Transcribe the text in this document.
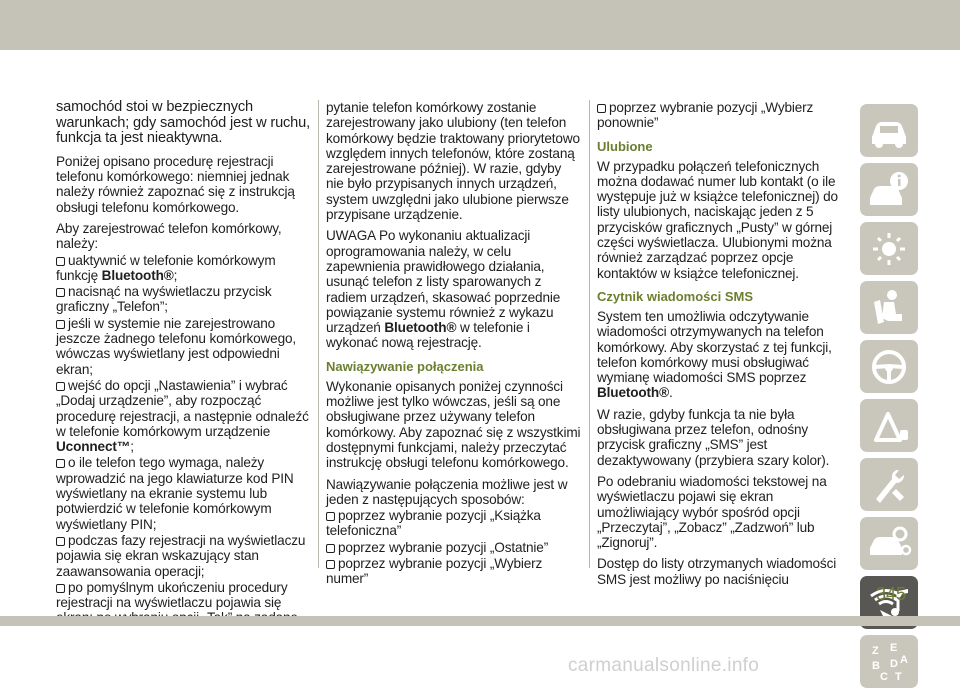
samochód stoi w bezpiecznych warunkach; gdy samochód jest w ruchu, funkcja ta jest nieaktywna.

Poniżej opisano procedurę rejestracji telefonu komórkowego: niemniej jednak należy również zapoznać się z instrukcją obsługi telefonu komórkowego.

Aby zarejestrować telefon komórkowy, należy:

uaktywnić w telefonie komórkowym funkcję Bluetooth®;

nacisnąć na wyświetlaczu przycisk graficzny „Telefon”;

jeśli w systemie nie zarejestrowano jeszcze żadnego telefonu komórkowego, wówczas wyświetlany jest odpowiedni ekran;

wejść do opcji „Nastawienia” i wybrać „Dodaj urządzenie”, aby rozpocząć procedurę rejestracji, a następnie odnaleźć w telefonie komórkowym urządzenie Uconnect™;

o ile telefon tego wymaga, należy wprowadzić na jego klawiaturze kod PIN wyświetlany na ekranie systemu lub potwierdzić w telefonie komórkowym wyświetlany PIN;

podczas fazy rejestracji na wyświetlaczu pojawia się ekran wskazujący stan zaawansowania operacji;

po pomyślnym ukończeniu procedury rejestracji na wyświetlaczu pojawia się

pytanie telefon komórkowy zostanie zarejestrowany jako ulubiony (ten telefon komórkowy będzie traktowany priorytetowo względem innych telefonów, które zostaną zarejestrowane później). W razie, gdyby nie było przypisanych innych urządzeń, system uwzględni jako ulubione pierwsze przypisane urządzenie.

UWAGA Po wykonaniu aktualizacji oprogramowania należy, w celu zapewnienia prawidłowego działania, usunąć telefon z listy sparowanych z radiem urządzeń, skasować poprzednie powiązanie systemu również z wykazu urządzeń Bluetooth® w telefonie i wykonać nową rejestrację.

Nawiązywanie połączenia

Wykonanie opisanych poniżej czynności możliwe jest tylko wówczas, jeśli są one obsługiwane przez używany telefon komórkowy. Aby zapoznać się z wszystkimi dostępnymi funkcjami, należy przeczytać instrukcję obsługi telefonu komórkowego.

Nawiązywanie połączenia możliwe jest w jeden z następujących sposobów:

poprzez wybranie pozycji „Książka telefoniczna”

poprzez wybranie pozycji „Ostatnie”

poprzez wybranie pozycji „Wybierz numer”

poprzez wybranie pozycji „Wybierz ponownie”

Ulubione

W przypadku połączeń telefonicznych można dodawać numer lub kontakt (o ile występuje już w książce telefonicznej) do listy ulubionych, naciskając jeden z 5 przycisków graficznych „Pusty” w górnej części wyświetlacza. Ulubionymi można również zarządzać poprzez opcje kontaktów w książce telefonicznej.

Czytnik wiadomości SMS

System ten umożliwia odczytywanie wiadomości otrzymywanych na telefon komórkowy. Aby skorzystać z tej funkcji, telefon komórkowy musi obsługiwać wymianę wiadomości SMS poprzez Bluetooth®.

W razie, gdyby funkcja ta nie była obsługiwana przez telefon, odnośny przycisk graficzny „SMS” jest dezaktywowany (przybiera szary kolor).

Po odebraniu wiadomości tekstowej na wyświetlaczu pojawi się ekran umożliwiający wybór spośród opcji „Przeczytaj”, „Zobacz” „Zadzwoń” lub „Zignoruj”.

Dostęp do listy otrzymanych wiadomości SMS jest możliwy po naciśnięciu

Z E
A
B D
C T
345
carmanualsonline.info
